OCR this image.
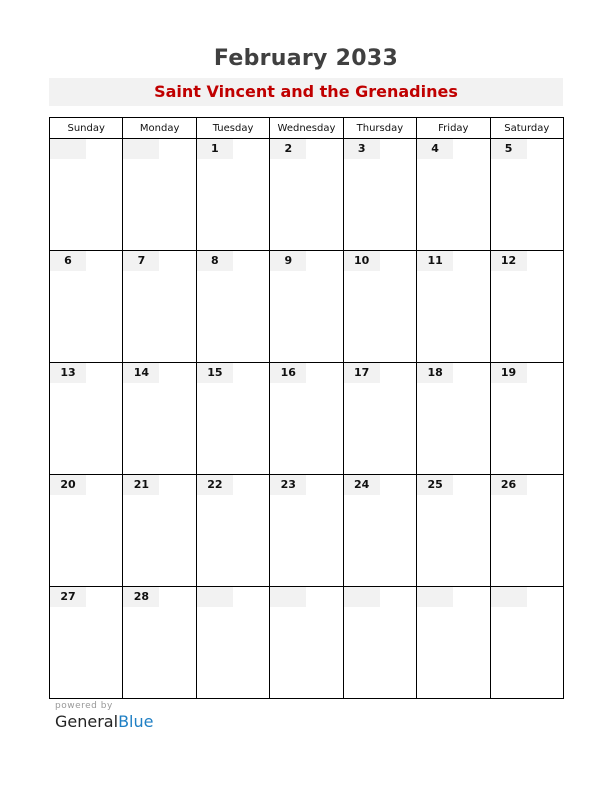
February 2033
Saint Vincent and the Grenadines
Sunday	Monday	Tuesday	Wednesday	Thursday	Friday	Saturday

		1	2	3	4	5

6	7	8	9	10	11	12

13	14	15	16	17	18	19

20	21	22	23	24	25	26

27	28					

powered by
GeneralBlue
